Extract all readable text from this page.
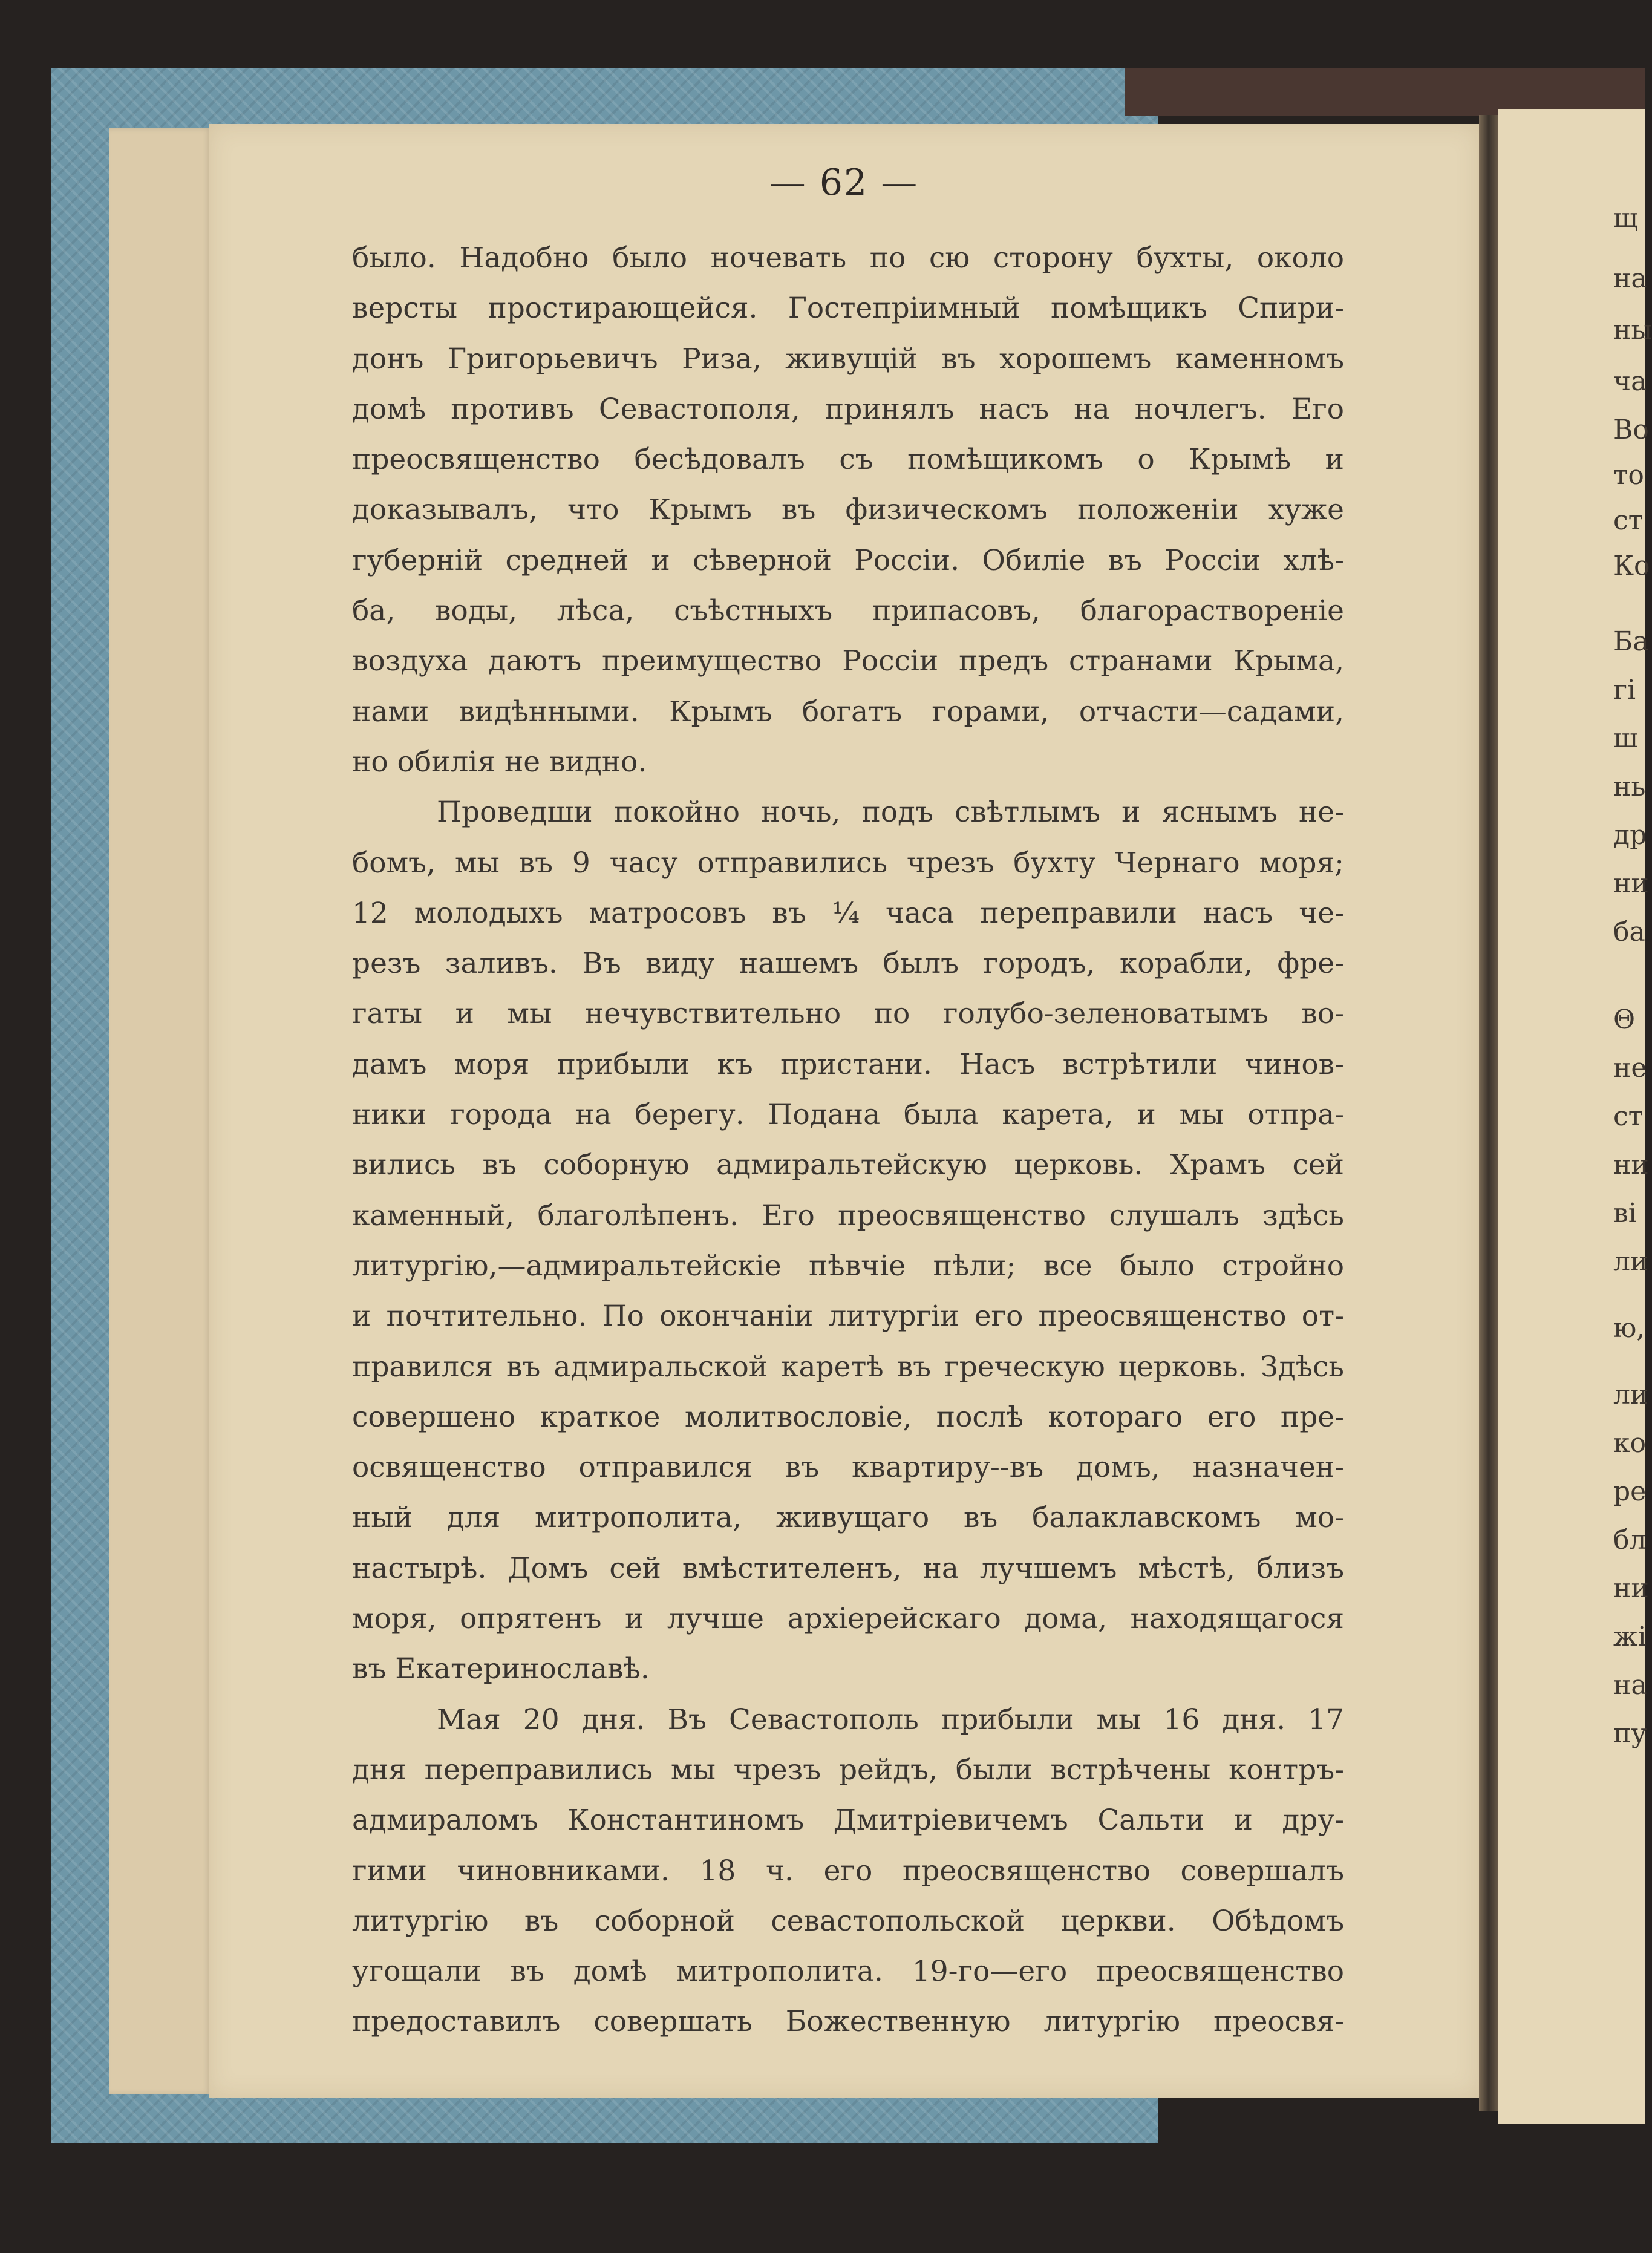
— 62 —
было. Надобно было ночевать по сю сторону бухты, около
версты простирающейся. Гостепріимный помѣщикъ Спири-
донъ Григорьевичъ Риза, живущій въ хорошемъ каменномъ
домѣ противъ Севастополя, принялъ насъ на ночлегъ. Его
преосвященство бесѣдовалъ съ помѣщикомъ о Крымѣ и
доказывалъ, что Крымъ въ физическомъ положеніи хуже
губерній средней и сѣверной Россіи. Обиліе въ Россіи хлѣ-
ба, воды, лѣса, съѣстныхъ припасовъ, благораствореніе
воздуха даютъ преимущество Россіи предъ странами Крыма,
нами видѣнными. Крымъ богатъ горами, отчасти—садами,
но обилія не видно.
Проведши покойно ночь, подъ свѣтлымъ и яснымъ не-
бомъ, мы въ 9 часу отправились чрезъ бухту Чернаго моря;
12 молодыхъ матросовъ въ ¼ часа переправили насъ че-
резъ заливъ. Въ виду нашемъ былъ городъ, корабли, фре-
гаты и мы нечувствительно по голубо-зеленоватымъ во-
дамъ моря прибыли къ пристани. Насъ встрѣтили чинов-
ники города на берегу. Подана была карета, и мы отпра-
вились въ соборную адмиральтейскую церковь. Храмъ сей
каменный, благолѣпенъ. Его преосвященство слушалъ здѣсь
литургію,—адмиральтейскіе пѣвчіе пѣли; все было стройно
и почтительно. По окончаніи литургіи его преосвященство от-
правился въ адмиральской каретѣ въ греческую церковь. Здѣсь
совершено краткое молитвословіе, послѣ котораго его пре-
освященство отправился въ квартиру--въ домъ, назначен-
ный для митрополита, живущаго въ балаклавскомъ мо-
настырѣ. Домъ сей вмѣстителенъ, на лучшемъ мѣстѣ, близъ
моря, опрятенъ и лучше архіерейскаго дома, находящагося
въ Екатеринославѣ.
Мая 20 дня. Въ Севастополь прибыли мы 16 дня. 17
дня переправились мы чрезъ рейдъ, были встрѣчены контръ-
адмираломъ Константиномъ Дмитріевичемъ Сальти и дру-
гими чиновниками. 18 ч. его преосвященство совершалъ
литургію въ соборной севастопольской церкви. Обѣдомъ
угощали въ домѣ митрополита. 19-го—его преосвященство
предоставилъ совершать Божественную литургію преосвя-
щ
на
ны
ча
Во
то
ст
Ко
Ба
гі
ш
нь
др
ни
ба
Θ
не
ст
ни
ві
ли
ю,
ли
ко
ре
бл
ни
жі
на
пу
